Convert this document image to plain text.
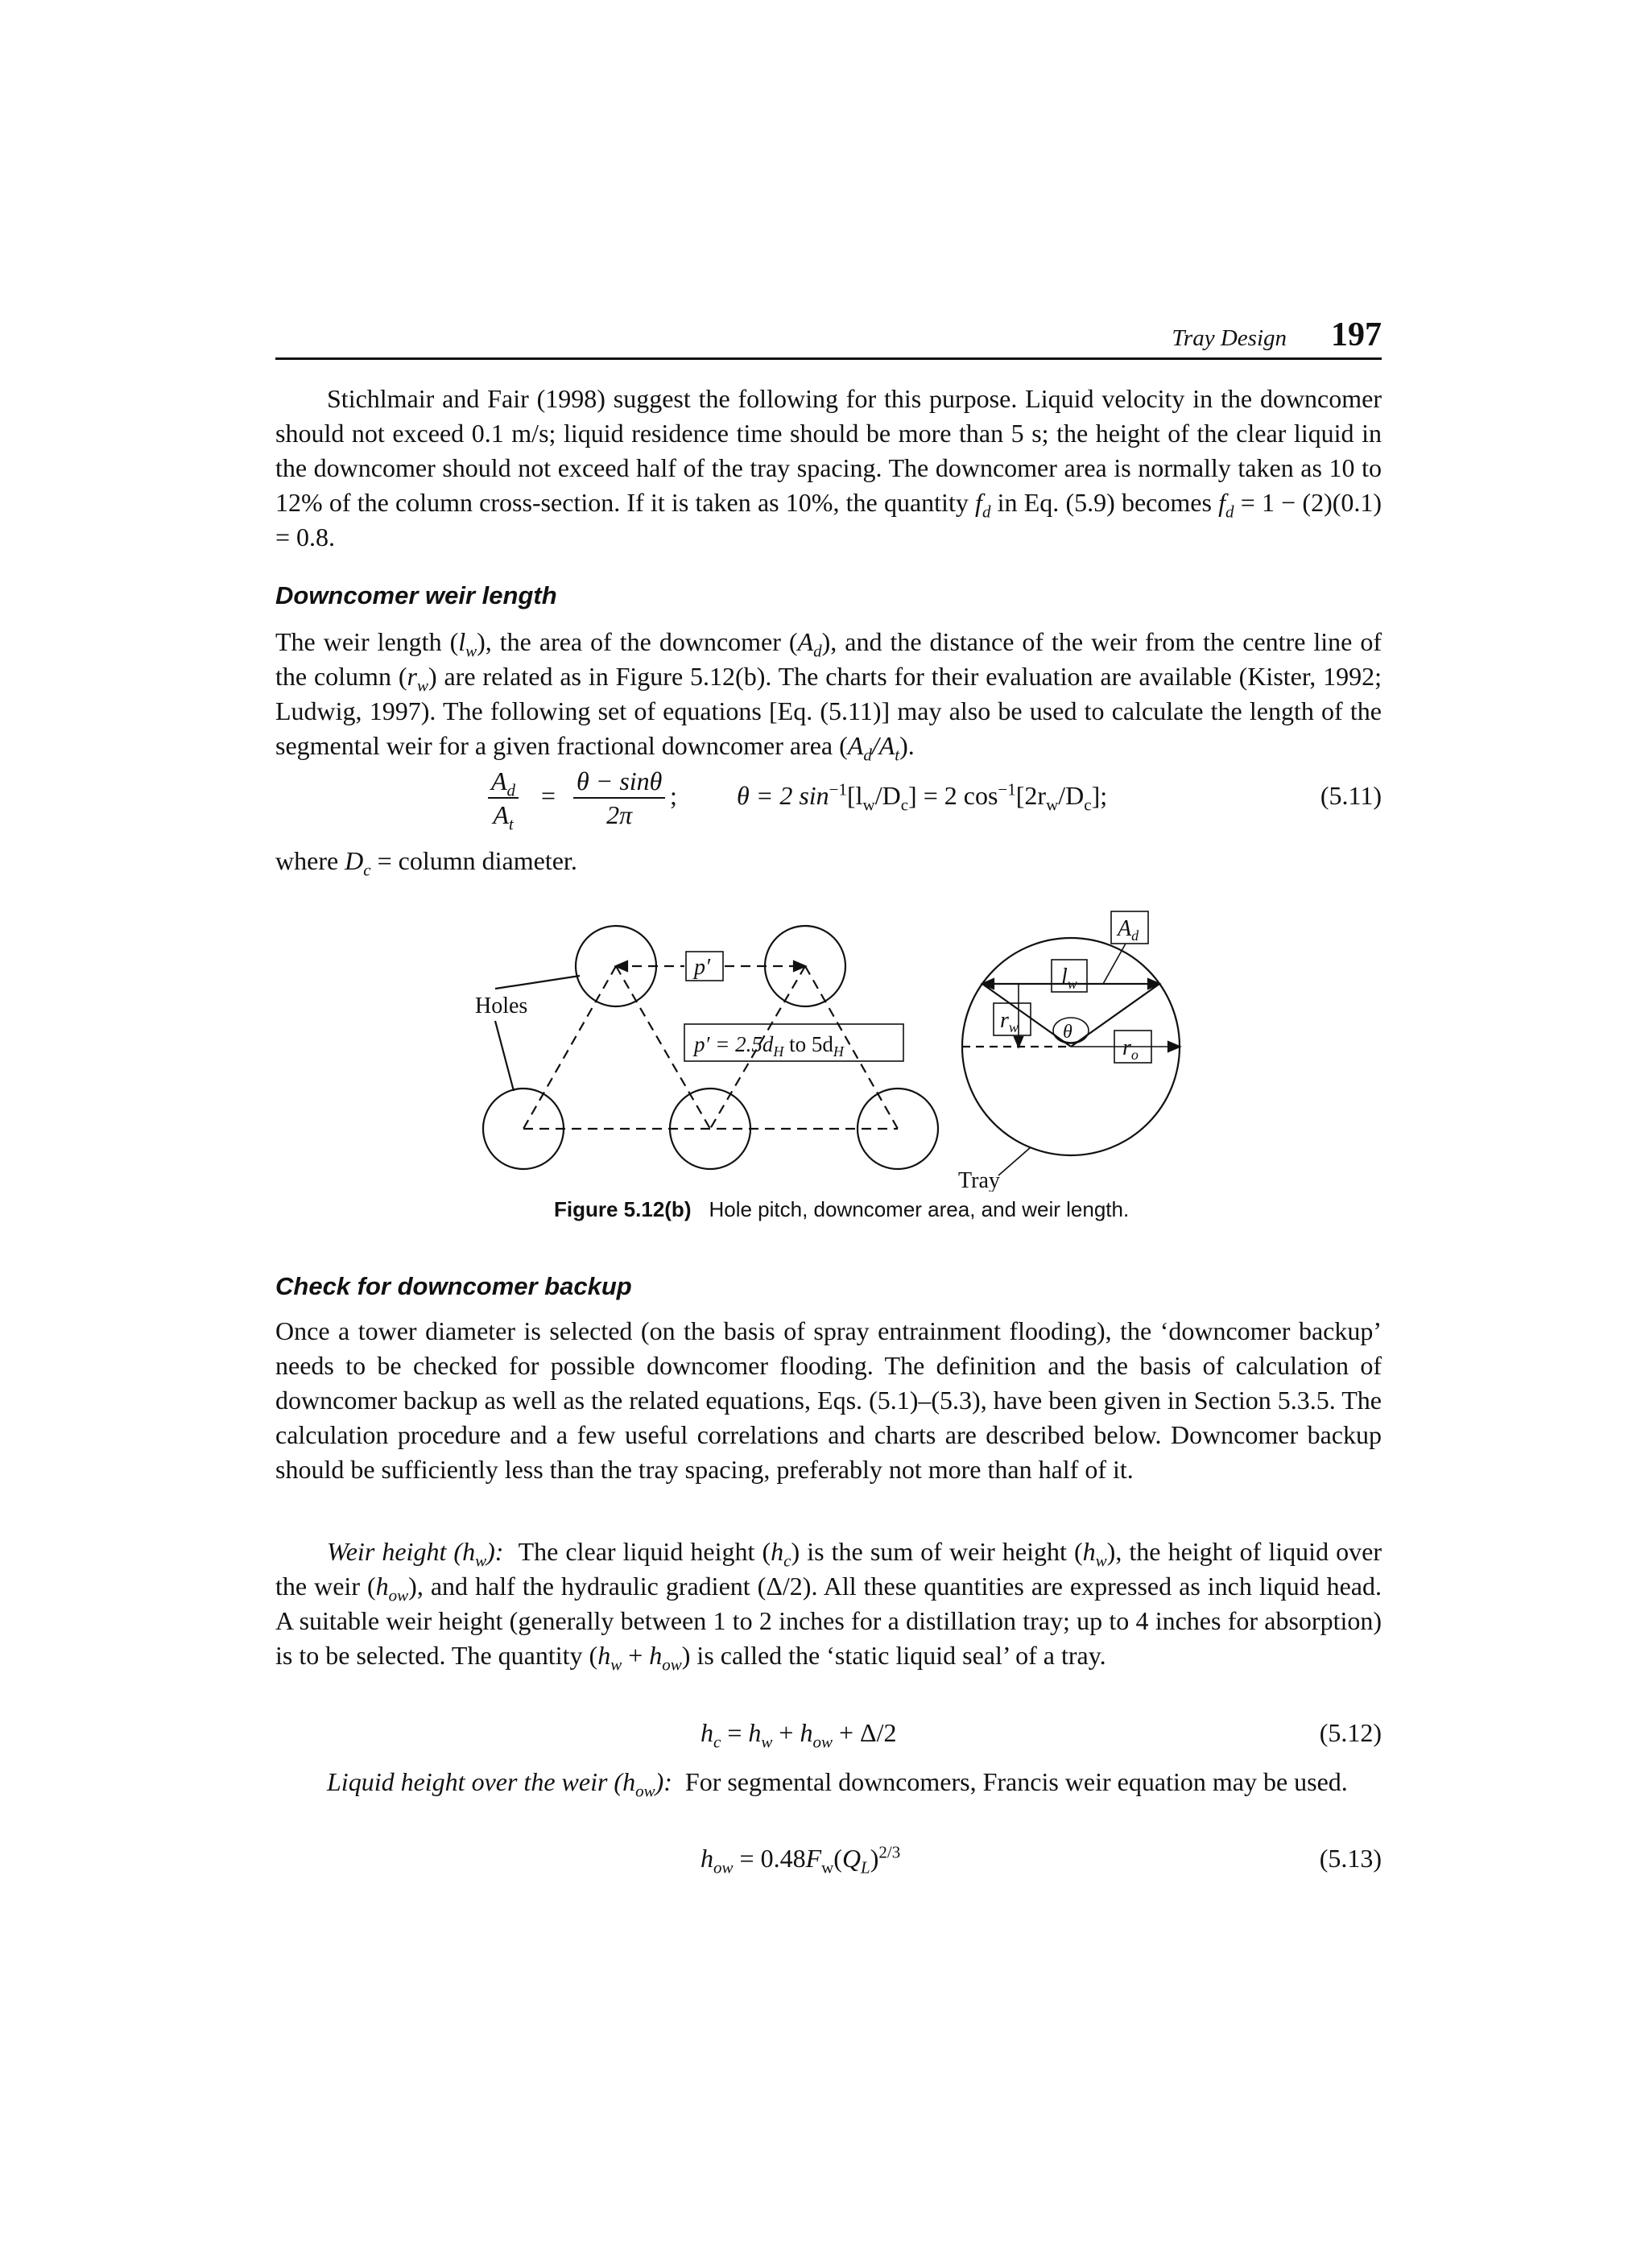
Tray Design 197

Stichlmair and Fair (1998) suggest the following for this purpose. Liquid velocity in the downcomer should not exceed 0.1 m/s; liquid residence time should be more than 5 s; the height of the clear liquid in the downcomer should not exceed half of the tray spacing. The downcomer area is normally taken as 10 to 12% of the column cross-section. If it is taken as 10%, the quantity $f_d$ in Eq. (5.9) becomes $f_d = 1 - (2)(0.1) = 0.8$.

Downcomer weir length

The weir length $(l_w)$, the area of the downcomer $(A_d)$, and the distance of the weir from the centre line of the column $(r_w)$ are related as in Figure 5.12(b). The charts for their evaluation are available (Kister, 1992; Ludwig, 1997). The following set of equations [Eq. (5.11)] may also be used to calculate the length of the segmental weir for a given fractional downcomer area $(A_d/A_t)$.

$\frac{A_d}{A_t} = \frac{\theta - \sin\theta}{2\pi}$ ; θ = 2 $\sin^{-1}[l_w/D_c] = 2$ $\cos^{-1}[2r_w/D_c]$;	(5.11)

where $D_c$ = column diameter.

Holes
p′
$p' = 2.5d_H$ to $5d_H$
$A_d$
$l_w$
$r_w$
$r_o$
θ
Tray
Figure 5.12(b) Hole pitch, downcomer area, and weir length.
Check for downcomer backup

Once a tower diameter is selected (on the basis of spray entrainment flooding), the ‘downcomer backup’ needs to be checked for possible downcomer flooding. The definition and the basis of calculation of downcomer backup as well as the related equations, Eqs. (5.1)–(5.3), have been given in Section 5.3.5. The calculation procedure and a few useful correlations and charts are described below. Downcomer backup should be sufficiently less than the tray spacing, preferably not more than half of it.

Weir height $(h_w)$: The clear liquid height $(h_c)$ is the sum of weir height $(h_w)$, the height of liquid over the weir $(h_{ow})$, and half the hydraulic gradient (Δ/2). All these quantities are expressed as inch liquid head. A suitable weir height (generally between 1 to 2 inches for a distillation tray; up to 4 inches for absorption) is to be selected. The quantity $(h_w + h_{ow})$ is called the ‘static liquid seal’ of a tray.

$h_c = h_w + h_{ow} + \Delta/2$	(5.12)

Liquid height over the weir $(h_{ow})$: For segmental downcomers, Francis weir equation may be used.

$h_{ow} = 0.48F_w(Q_L)^{2/3}$	(5.13)
